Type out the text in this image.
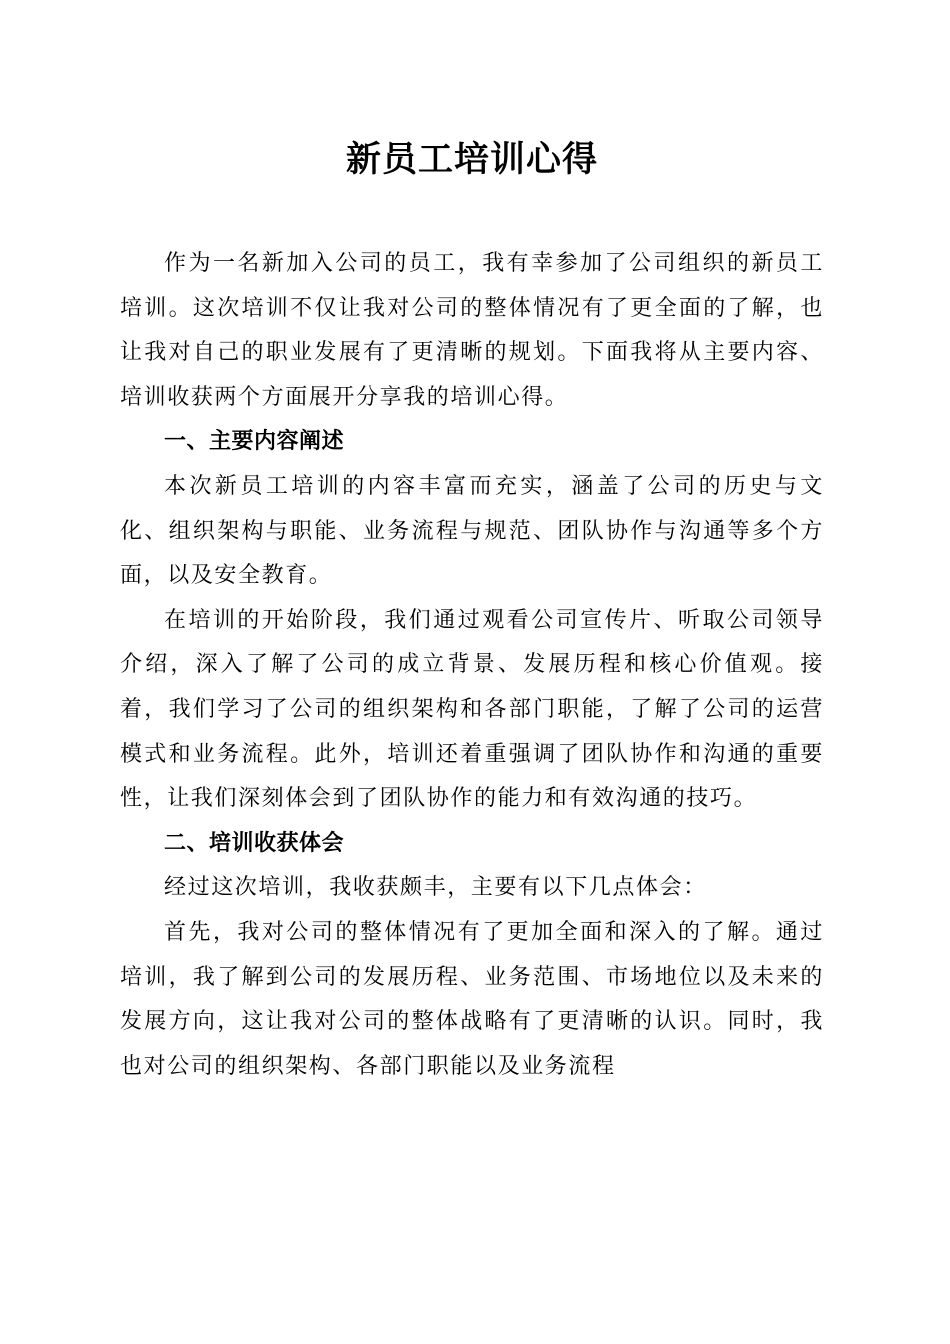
新员工培训心得

作为一名新加入公司的员工，我有幸参加了公司组织的新员工培训。这次培训不仅让我对公司的整体情况有了更全面的了解，也让我对自己的职业发展有了更清晰的规划。下面我将从主要内容、培训收获两个方面展开分享我的培训心得。

一、主要内容阐述

本次新员工培训的内容丰富而充实，涵盖了公司的历史与文化、组织架构与职能、业务流程与规范、团队协作与沟通等多个方面，以及安全教育。

在培训的开始阶段，我们通过观看公司宣传片、听取公司领导介绍，深入了解了公司的成立背景、发展历程和核心价值观。接着，我们学习了公司的组织架构和各部门职能，了解了公司的运营模式和业务流程。此外，培训还着重强调了团队协作和沟通的重要性，让我们深刻体会到了团队协作的能力和有效沟通的技巧。

二、培训收获体会

经过这次培训，我收获颇丰，主要有以下几点体会：

首先，我对公司的整体情况有了更加全面和深入的了解。通过培训，我了解到公司的发展历程、业务范围、市场地位以及未来的发展方向，这让我对公司的整体战略有了更清晰的认识。同时，我也对公司的组织架构、各部门职能以及业务流程
